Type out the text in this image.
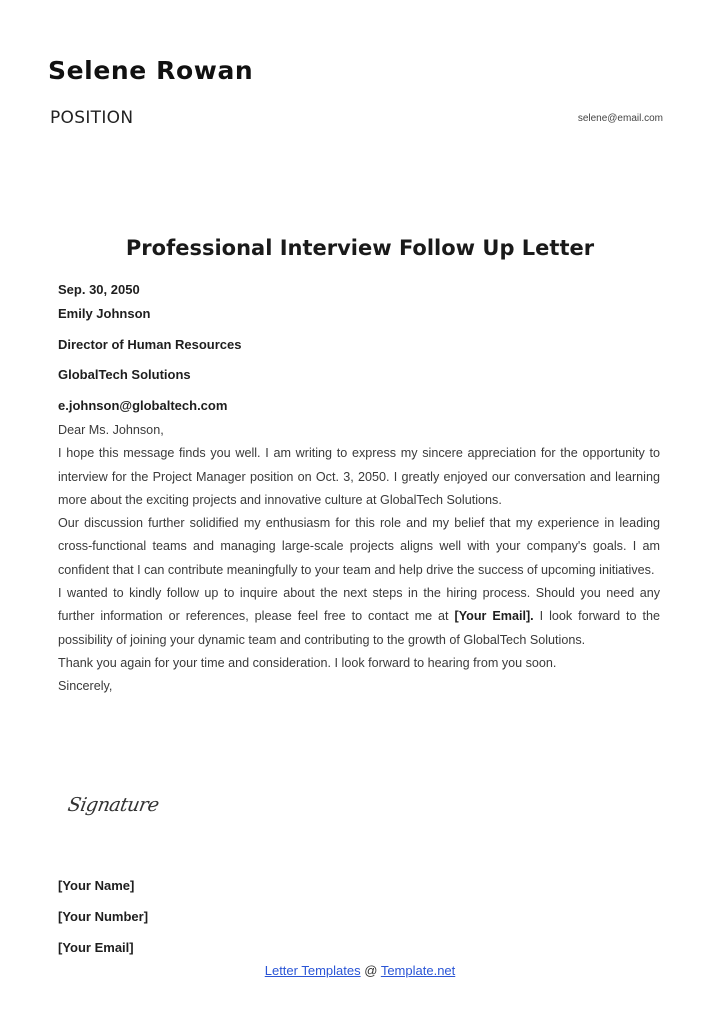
Selene Rowan
POSITION	selene@email.com
Professional Interview Follow Up Letter
Sep. 30, 2050
Emily Johnson
Director of Human Resources
GlobalTech Solutions
e.johnson@globaltech.com

Dear Ms. Johnson,

I hope this message finds you well. I am writing to express my sincere appreciation for the opportunity to interview for the Project Manager position on Oct. 3, 2050. I greatly enjoyed our conversation and learning more about the exciting projects and innovative culture at GlobalTech Solutions.

Our discussion further solidified my enthusiasm for this role and my belief that my experience in leading cross-functional teams and managing large-scale projects aligns well with your company's goals. I am confident that I can contribute meaningfully to your team and help drive the success of upcoming initiatives.

I wanted to kindly follow up to inquire about the next steps in the hiring process. Should you need any further information or references, please feel free to contact me at [Your Email]. I look forward to the possibility of joining your dynamic team and contributing to the growth of GlobalTech Solutions.

Thank you again for your time and consideration. I look forward to hearing from you soon.

Sincerely,

Signature
[Your Name]
[Your Number]
[Your Email]
Letter Templates @ Template.net
